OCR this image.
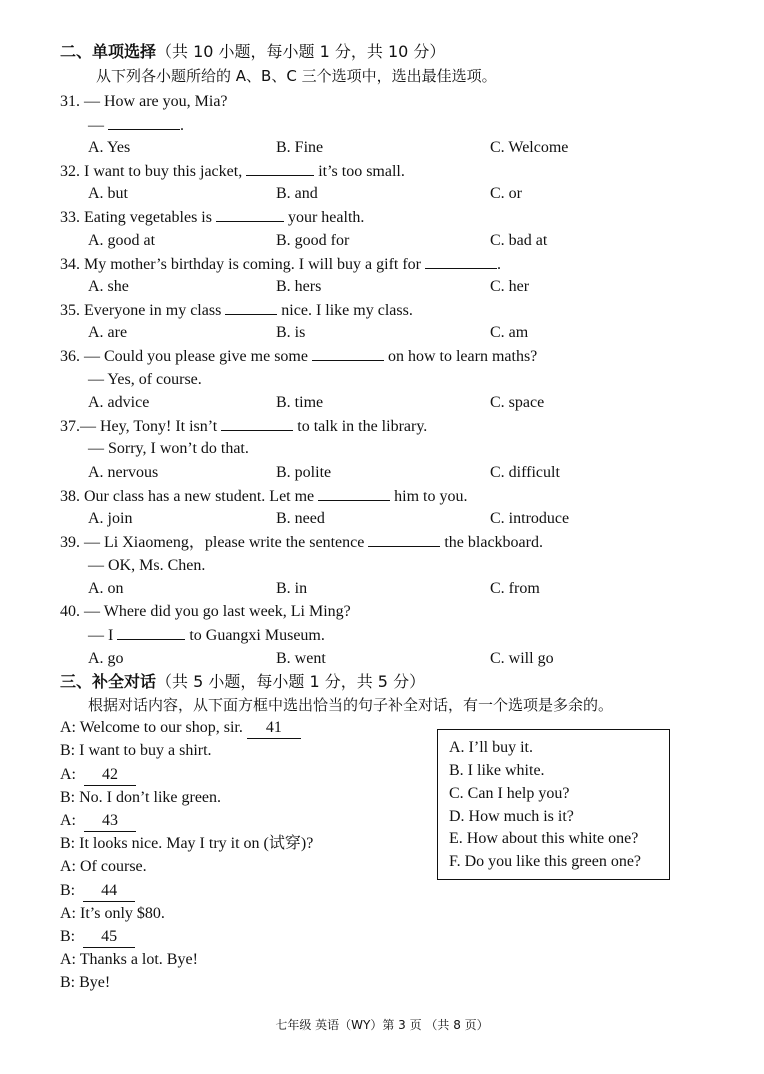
二、单项选择（共 10 小题，每小题 1 分，共 10 分）
从下列各小题所给的 A、B、C 三个选项中，选出最佳选项。
31. — How are you, Mia?
—	.
A. Yes	B. Fine	C. Welcome
32. I want to buy this jacket,	it’s too small.
A. but	B. and	C. or
33. Eating vegetables is	your health.
A. good at	B. good for	C. bad at
34. My mother’s birthday is coming. I will buy a gift for	.
A. she	B. hers	C. her
35. Everyone in my class	nice. I like my class.
A. are	B. is	C. am
36. — Could you please give me some	on how to learn maths?
— Yes, of course.
A. advice	B. time	C. space
37.— Hey, Tony! It isn’t	to talk in the library.
— Sorry, I won’t do that.
A. nervous	B. polite	C. difficult
38. Our class has a new student. Let me	him to you.
A. join	B. need	C. introduce
39. — Li Xiaomeng，please write the sentence	the blackboard.
— OK, Ms. Chen.
A. on	B. in	C. from
40. — Where did you go last week, Li Ming?
— I	to Guangxi Museum.
A. go	B. went	C. will go
三、补全对话（共 5 小题，每小题 1 分，共 5 分）
根据对话内容，从下面方框中选出恰当的句子补全对话，有一个选项是多余的。
A: Welcome to our shop, sir. 41
B: I want to buy a shirt.
A: 42
B: No. I don’t like green.
A: 43
B: It looks nice. May I try it on (试穿)?
A: Of course.
B: 44
A: It’s only $80.
B: 45
A: Thanks a lot. Bye!
B: Bye!
A. I’ll buy it.
B. I like white.
C. Can I help you?
D. How much is it?
E. How about this white one?
F. Do you like this green one?
七年级 英语（WY）第 3 页 （共 8 页）
